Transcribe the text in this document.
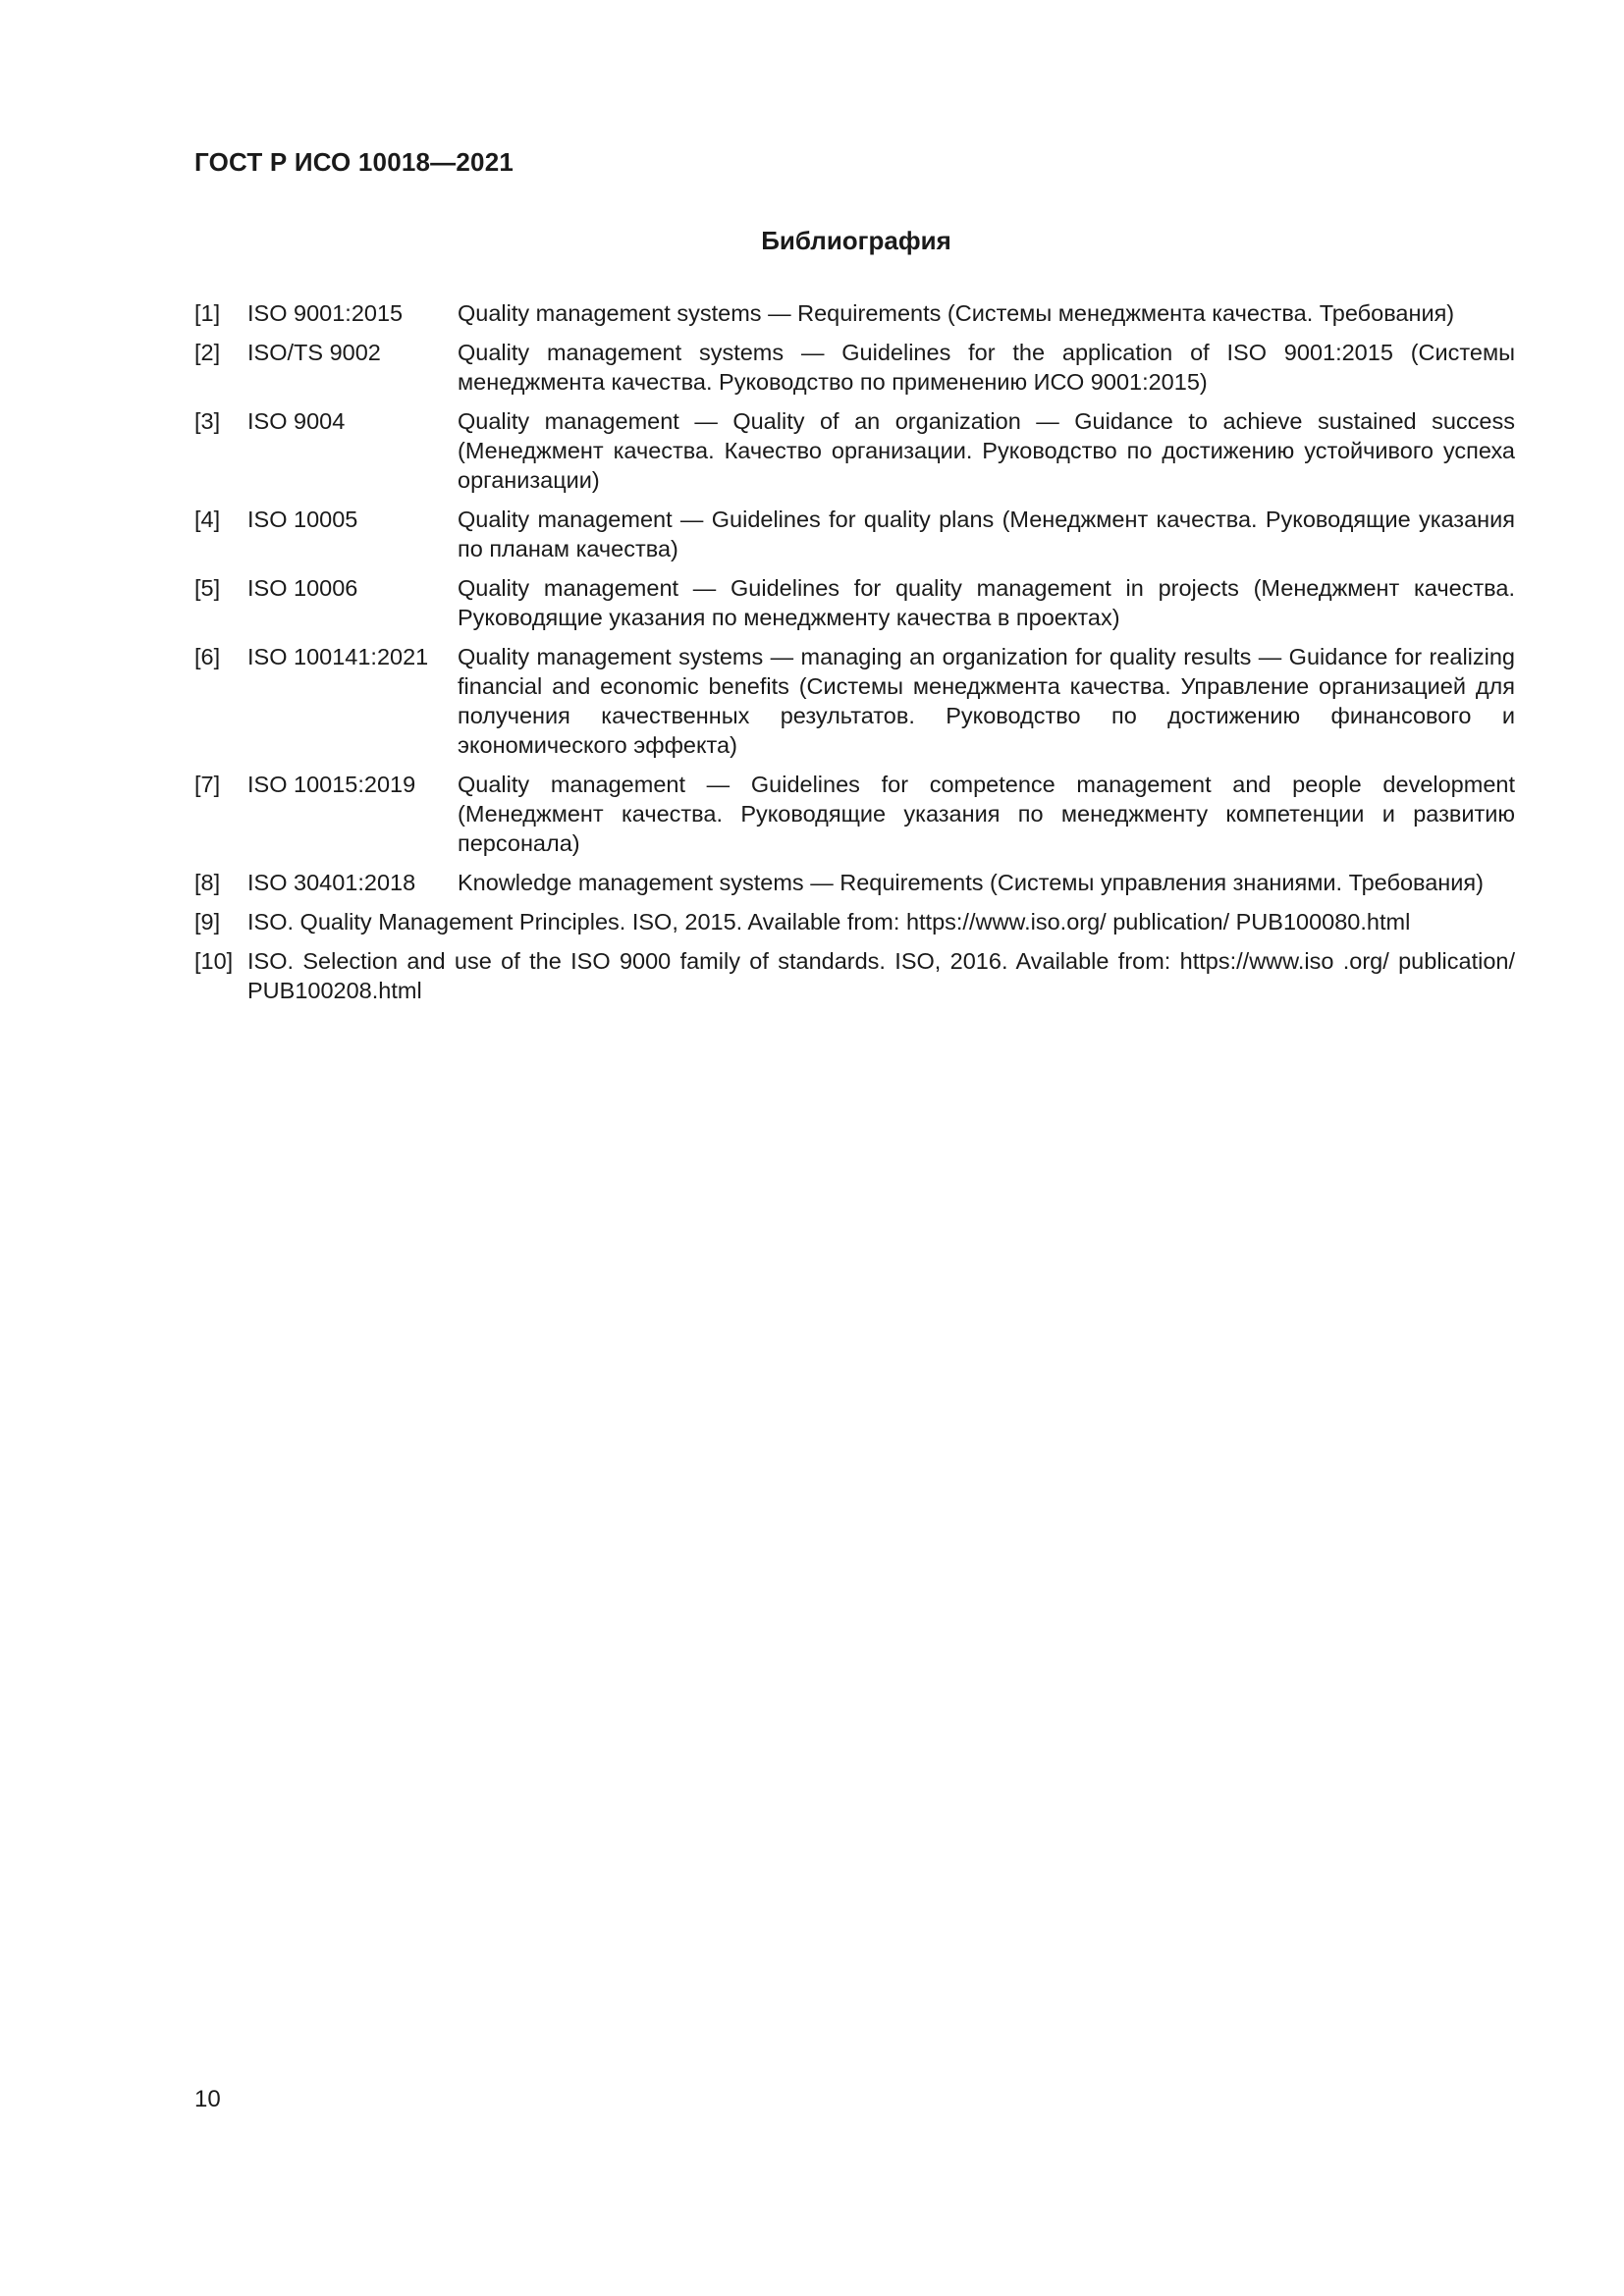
ГОСТ Р ИСО 10018—2021
Библиография
[1]	ISO 9001:2015	Quality management systems — Requirements (Системы менеджмента качества. Требования)
[2]	ISO/TS 9002	Quality management systems — Guidelines for the application of ISO 9001:2015 (Системы менеджмента качества. Руководство по применению ИСО 9001:2015)
[3]	ISO 9004	Quality management — Quality of an organization — Guidance to achieve sustained success (Менеджмент качества. Качество организации. Руководство по достижению устойчивого успеха организации)
[4]	ISO 10005	Quality management — Guidelines for quality plans (Менеджмент качества. Руководящие указания по планам качества)
[5]	ISO 10006	Quality management — Guidelines for quality management in projects (Менеджмент качества. Руководящие указания по менеджменту качества в проектах)
[6]	ISO 100141:2021	Quality management systems — managing an organization for quality results — Guidance for realizing financial and economic benefits (Системы менеджмента качества. Управление организацией для получения качественных результатов. Руководство по достижению финансового и экономического эффекта)
[7]	ISO 10015:2019	Quality management — Guidelines for competence management and people development (Менеджмент качества. Руководящие указания по менеджменту компетенции и развитию персонала)
[8]	ISO 30401:2018	Knowledge management systems — Requirements (Системы управления знаниями. Требования)
[9]	ISO. Quality Management Principles. ISO, 2015. Available from: https://www.iso.org/ publication/ PUB100080.html
[10] ISO. Selection and use of the ISO 9000 family of standards. ISO, 2016. Available from: https://www.iso .org/ publication/ PUB100208.html
10
